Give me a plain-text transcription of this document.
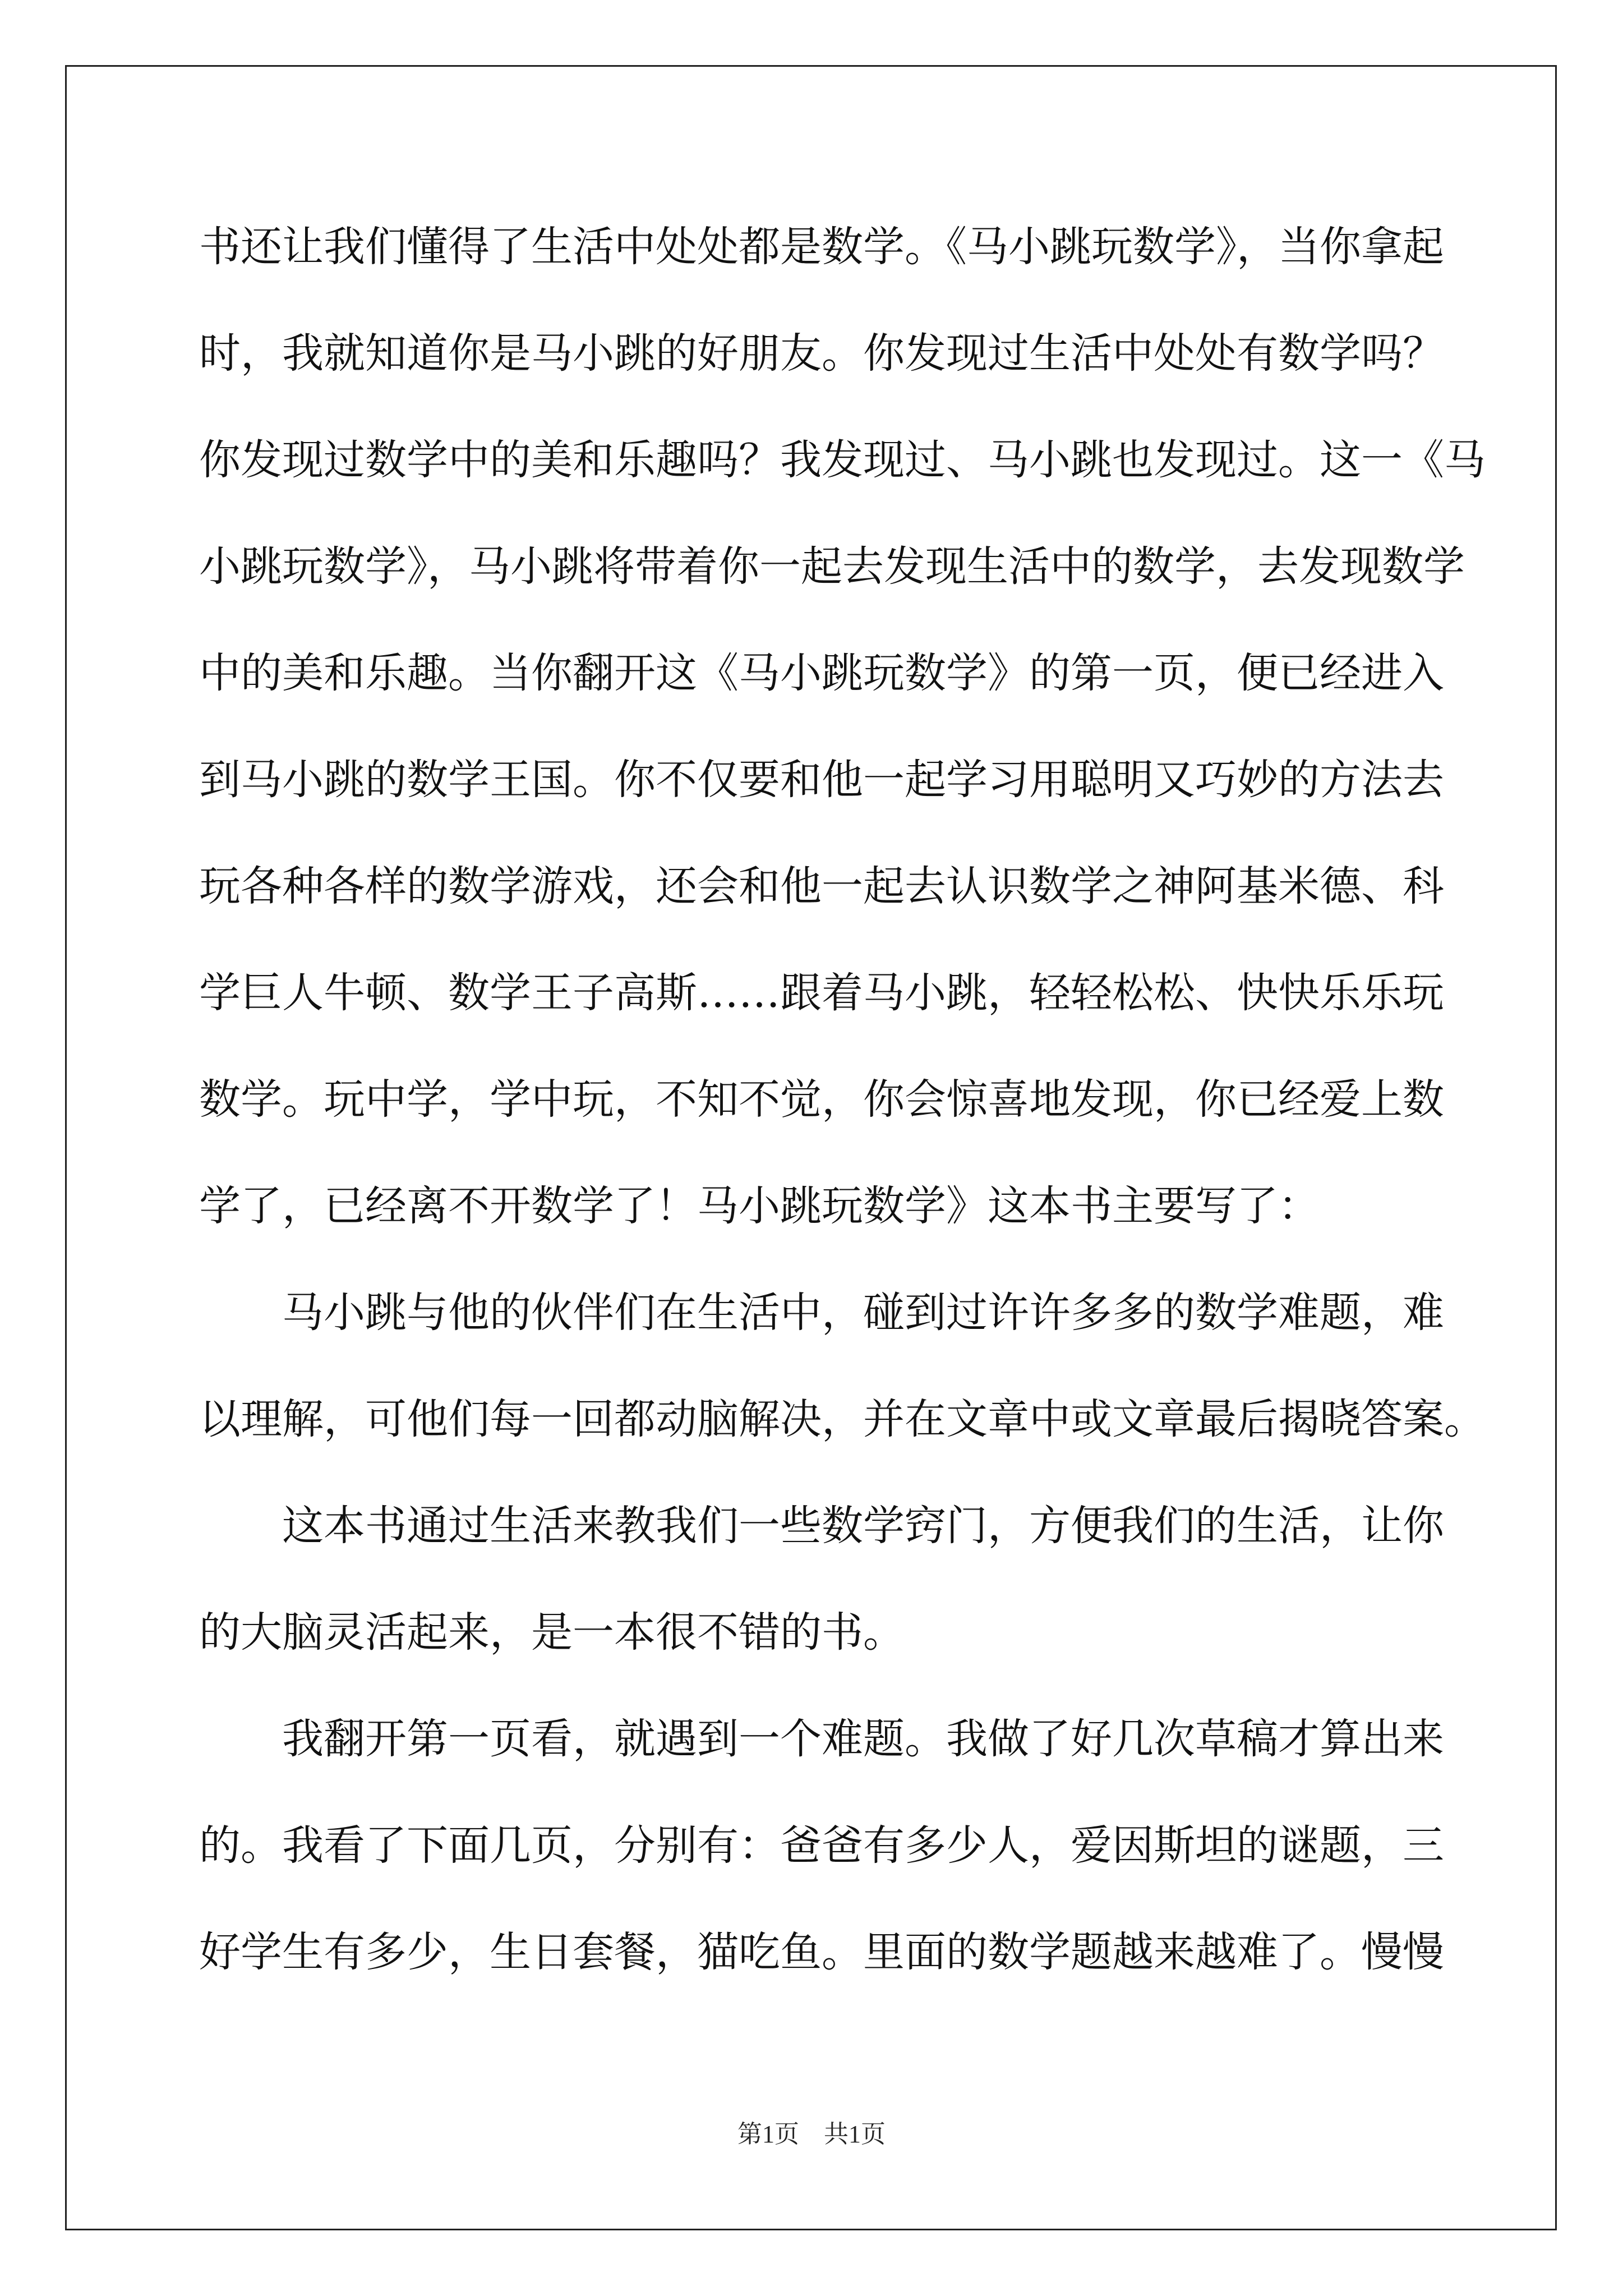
书还让我们懂得了生活中处处都是数学。《马小跳玩数学》，当你拿起
时，我就知道你是马小跳的好朋友。你发现过生活中处处有数学吗？
你发现过数学中的美和乐趣吗？我发现过、马小跳也发现过。这一《马
小跳玩数学》，马小跳将带着你一起去发现生活中的数学，去发现数学
中的美和乐趣。当你翻开这《马小跳玩数学》的第一页，便已经进入
到马小跳的数学王国。你不仅要和他一起学习用聪明又巧妙的方法去
玩各种各样的数学游戏，还会和他一起去认识数学之神阿基米德、科
学巨人牛顿、数学王子高斯……跟着马小跳，轻轻松松、快快乐乐玩
数学。玩中学，学中玩，不知不觉，你会惊喜地发现，你已经爱上数
学了，已经离不开数学了！马小跳玩数学》这本书主要写了：
马小跳与他的伙伴们在生活中，碰到过许许多多的数学难题，难
以理解，可他们每一回都动脑解决，并在文章中或文章最后揭晓答案。
这本书通过生活来教我们一些数学窍门，方便我们的生活，让你
的大脑灵活起来，是一本很不错的书。
我翻开第一页看，就遇到一个难题。我做了好几次草稿才算出来
的。我看了下面几页，分别有：爸爸有多少人，爱因斯坦的谜题，三
好学生有多少，生日套餐，猫吃鱼。里面的数学题越来越难了。慢慢
第1页　共1页
